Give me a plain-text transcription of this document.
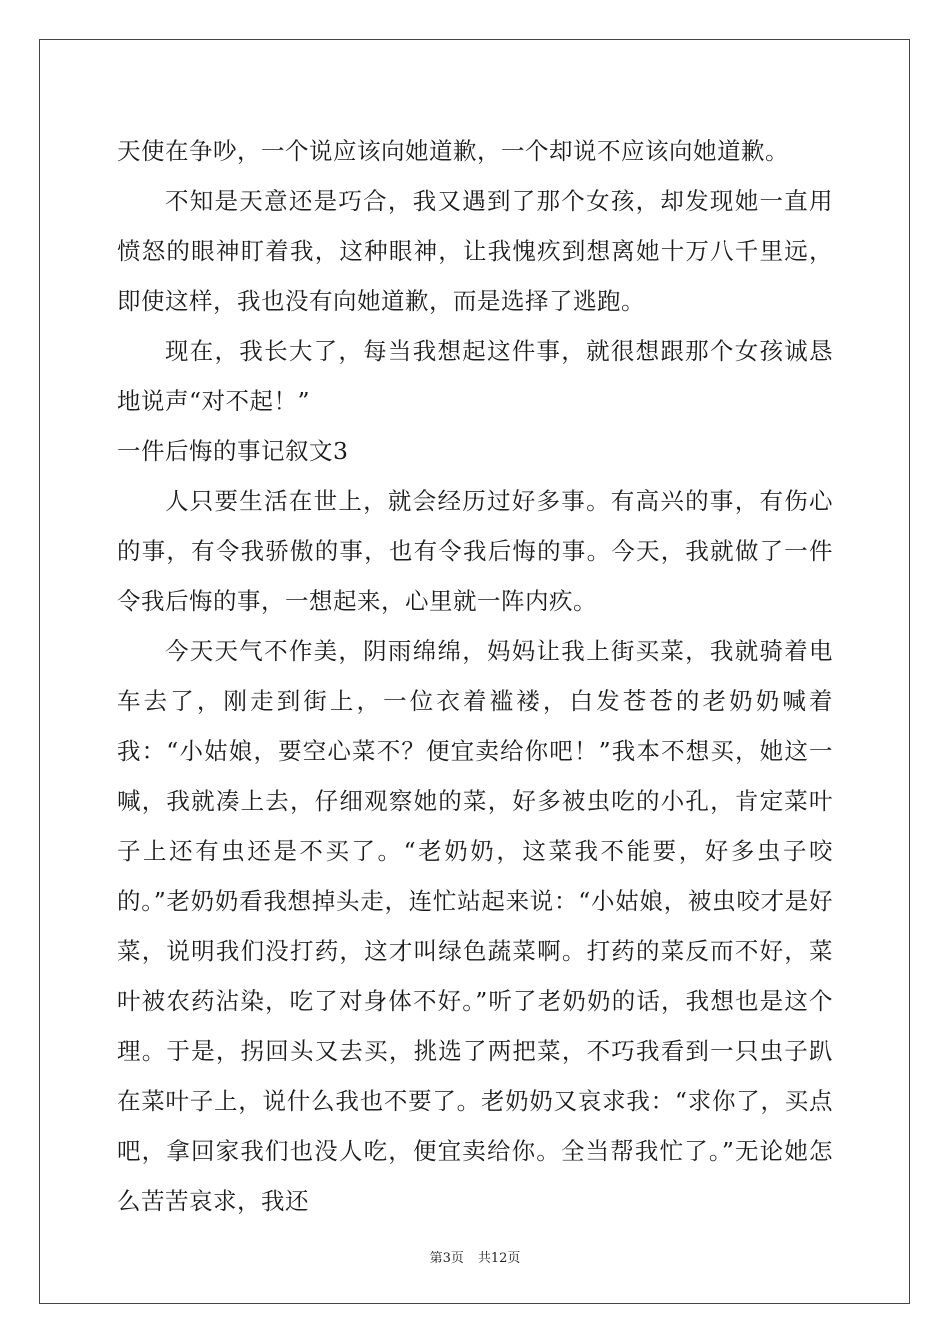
天使在争吵，一个说应该向她道歉，一个却说不应该向她道歉。

不知是天意还是巧合，我又遇到了那个女孩，却发现她一直用愤怒的眼神盯着我，这种眼神，让我愧疚到想离她十万八千里远，即使这样，我也没有向她道歉，而是选择了逃跑。

现在，我长大了，每当我想起这件事，就很想跟那个女孩诚恳地说声“对不起！”

一件后悔的事记叙文3

人只要生活在世上，就会经历过好多事。有高兴的事，有伤心的事，有令我骄傲的事，也有令我后悔的事。今天，我就做了一件令我后悔的事，一想起来，心里就一阵内疚。

今天天气不作美，阴雨绵绵，妈妈让我上街买菜，我就骑着电车去了，刚走到街上，一位衣着褴褛，白发苍苍的老奶奶喊着我：“小姑娘，要空心菜不？便宜卖给你吧！”我本不想买，她这一喊，我就凑上去，仔细观察她的菜，好多被虫吃的小孔，肯定菜叶子上还有虫还是不买了。“老奶奶，这菜我不能要，好多虫子咬的。”老奶奶看我想掉头走，连忙站起来说：“小姑娘，被虫咬才是好菜，说明我们没打药，这才叫绿色蔬菜啊。打药的菜反而不好，菜叶被农药沾染，吃了对身体不好。”听了老奶奶的话，我想也是这个理。于是，拐回头又去买，挑选了两把菜，不巧我看到一只虫子趴在菜叶子上，说什么我也不要了。老奶奶又哀求我：“求你了，买点吧，拿回家我们也没人吃，便宜卖给你。全当帮我忙了。”无论她怎么苦苦哀求，我还

第3页 共12页
